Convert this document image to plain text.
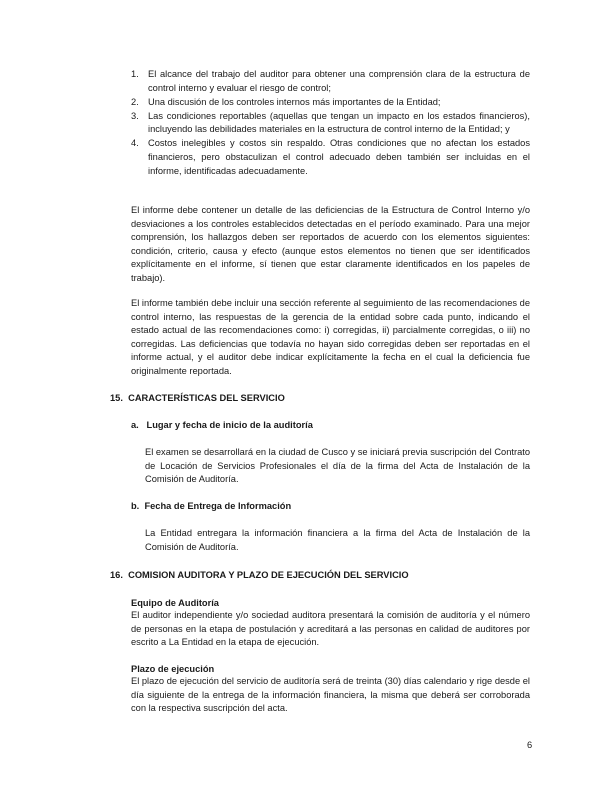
1. El alcance del trabajo del auditor para obtener una comprensión clara de la estructura de control interno y evaluar el riesgo de control;
2. Una discusión de los controles internos más importantes de la Entidad;
3. Las condiciones reportables (aquellas que tengan un impacto en los estados financieros), incluyendo las debilidades materiales en la estructura de control interno de la Entidad; y
4. Costos inelegibles y costos sin respaldo. Otras condiciones que no afectan los estados financieros, pero obstaculizan el control adecuado deben también ser incluidas en el informe, identificadas adecuadamente.

El informe debe contener un detalle de las deficiencias de la Estructura de Control Interno y/o desviaciones a los controles establecidos detectadas en el período examinado. Para una mejor comprensión, los hallazgos deben ser reportados de acuerdo con los elementos siguientes: condición, criterio, causa y efecto (aunque estos elementos no tienen que ser identificados explícitamente en el informe, sí tienen que estar claramente identificados en los papeles de trabajo).

El informe también debe incluir una sección referente al seguimiento de las recomendaciones de control interno, las respuestas de la gerencia de la entidad sobre cada punto, indicando el estado actual de las recomendaciones como: i) corregidas, ii) parcialmente corregidas, o iii) no corregidas. Las deficiencias que todavía no hayan sido corregidas deben ser reportadas en el informe actual, y el auditor debe indicar explícitamente la fecha en el cual la deficiencia fue originalmente reportada.

15. CARACTERÍSTICAS DEL SERVICIO
a. Lugar y fecha de inicio de la auditoría

El examen se desarrollará en la ciudad de Cusco y se iniciará previa suscripción del Contrato de Locación de Servicios Profesionales el día de la firma del Acta de Instalación de la Comisión de Auditoría.

b. Fecha de Entrega de Información

La Entidad entregara la información financiera a la firma del Acta de Instalación de la Comisión de Auditoría.

16. COMISION AUDITORA Y PLAZO DE EJECUCIÓN DEL SERVICIO
Equipo de Auditoría

El auditor independiente y/o sociedad auditora presentará la comisión de auditoría y el número de personas en la etapa de postulación y acreditará a las personas en calidad de auditores por escrito a La Entidad en la etapa de ejecución.

Plazo de ejecución

El plazo de ejecución del servicio de auditoría será de treinta (30) días calendario y rige desde el día siguiente de la entrega de la información financiera, la misma que deberá ser corroborada con la respectiva suscripción del acta.

6
